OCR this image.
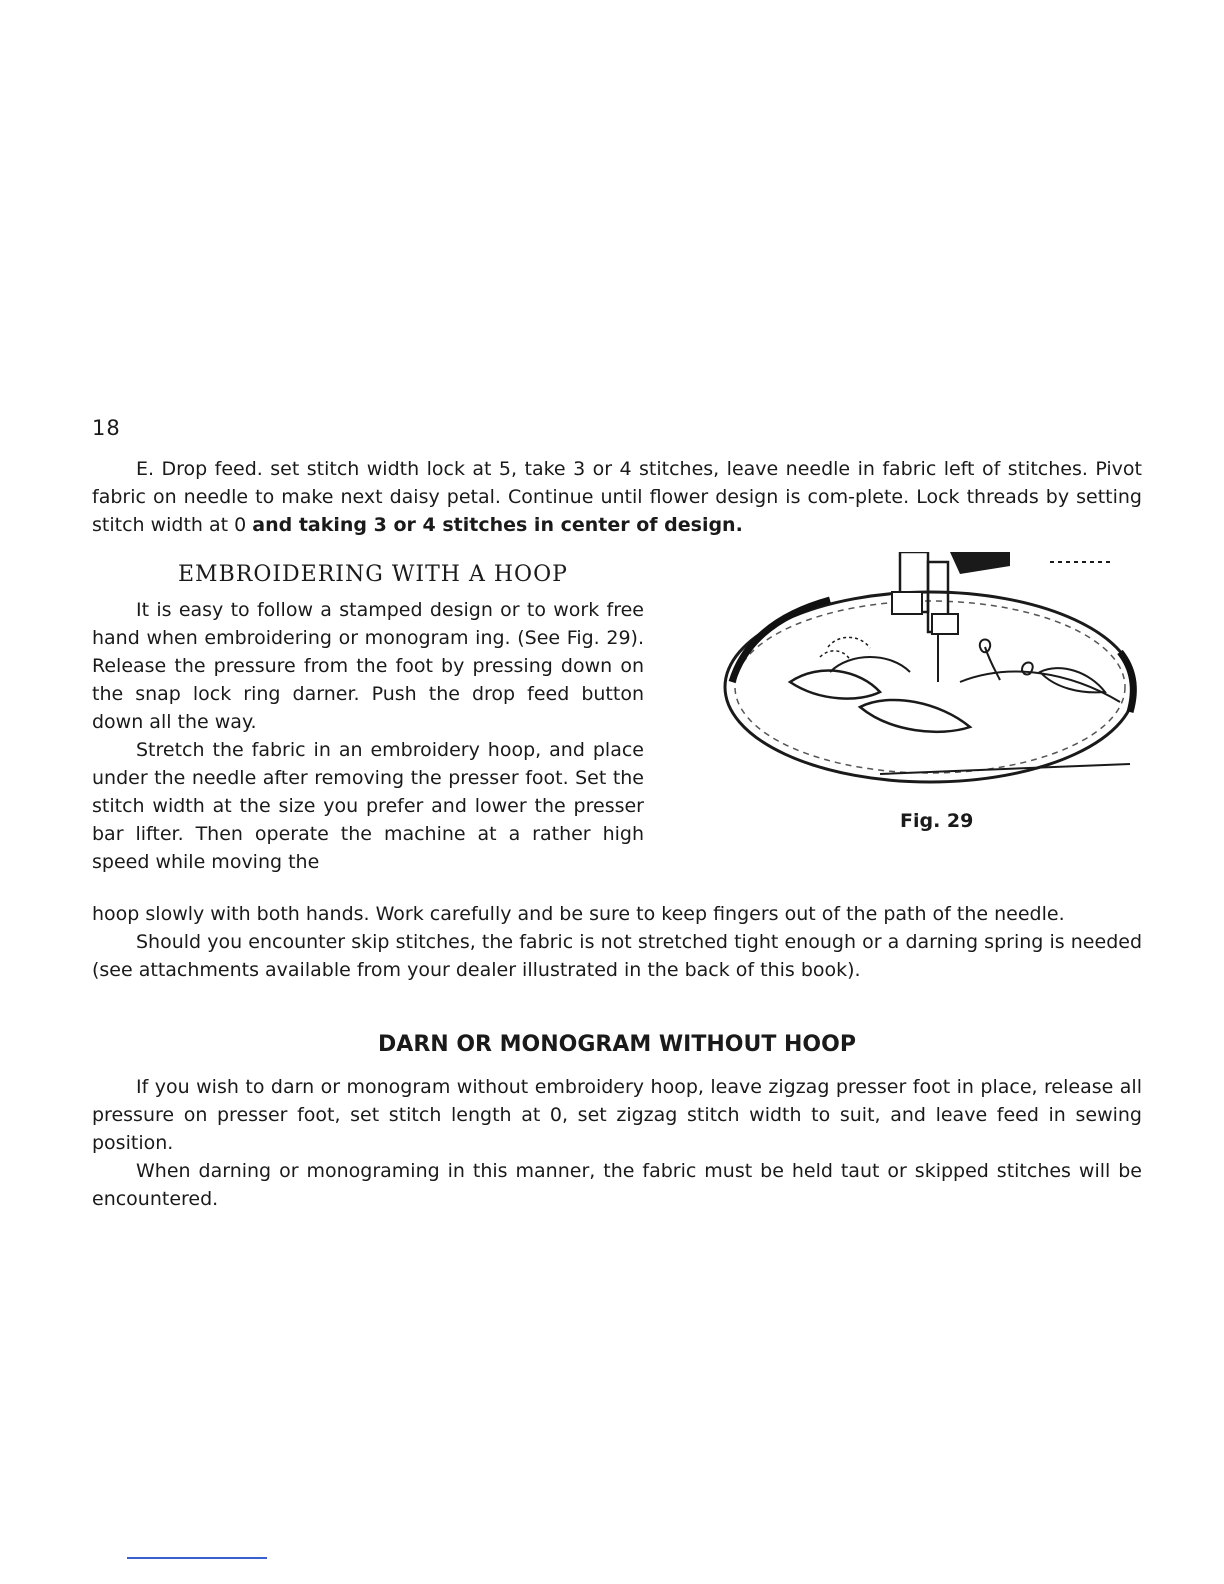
18

E. Drop feed. set stitch width lock at 5, take 3 or 4 stitches, leave needle in fabric left of stitches. Pivot fabric on needle to make next daisy petal. Continue until flower design is com-plete. Lock threads by setting stitch width at 0 and taking 3 or 4 stitches in center of design.

EMBROIDERING WITH A HOOP

It is easy to follow a stamped design or to work free hand when embroidering or monogram ing. (See Fig. 29). Release the pressure from the foot by pressing down on the snap lock ring darner. Push the drop feed button down all the way.

Stretch the fabric in an embroidery hoop, and place under the needle after removing the presser foot. Set the stitch width at the size you prefer and lower the presser bar lifter. Then operate the machine at a rather high speed while moving the

hoop slowly with both hands. Work carefully and be sure to keep fingers out of the path of the needle.

Should you encounter skip stitches, the fabric is not stretched tight enough or a darning spring is needed (see attachments available from your dealer illustrated in the back of this book).

Fig. 29
DARN OR MONOGRAM WITHOUT HOOP

If you wish to darn or monogram without embroidery hoop, leave zigzag presser foot in place, release all pressure on presser foot, set stitch length at 0, set zigzag stitch width to suit, and leave feed in sewing position.

When darning or monograming in this manner, the fabric must be held taut or skipped stitches will be encountered.
